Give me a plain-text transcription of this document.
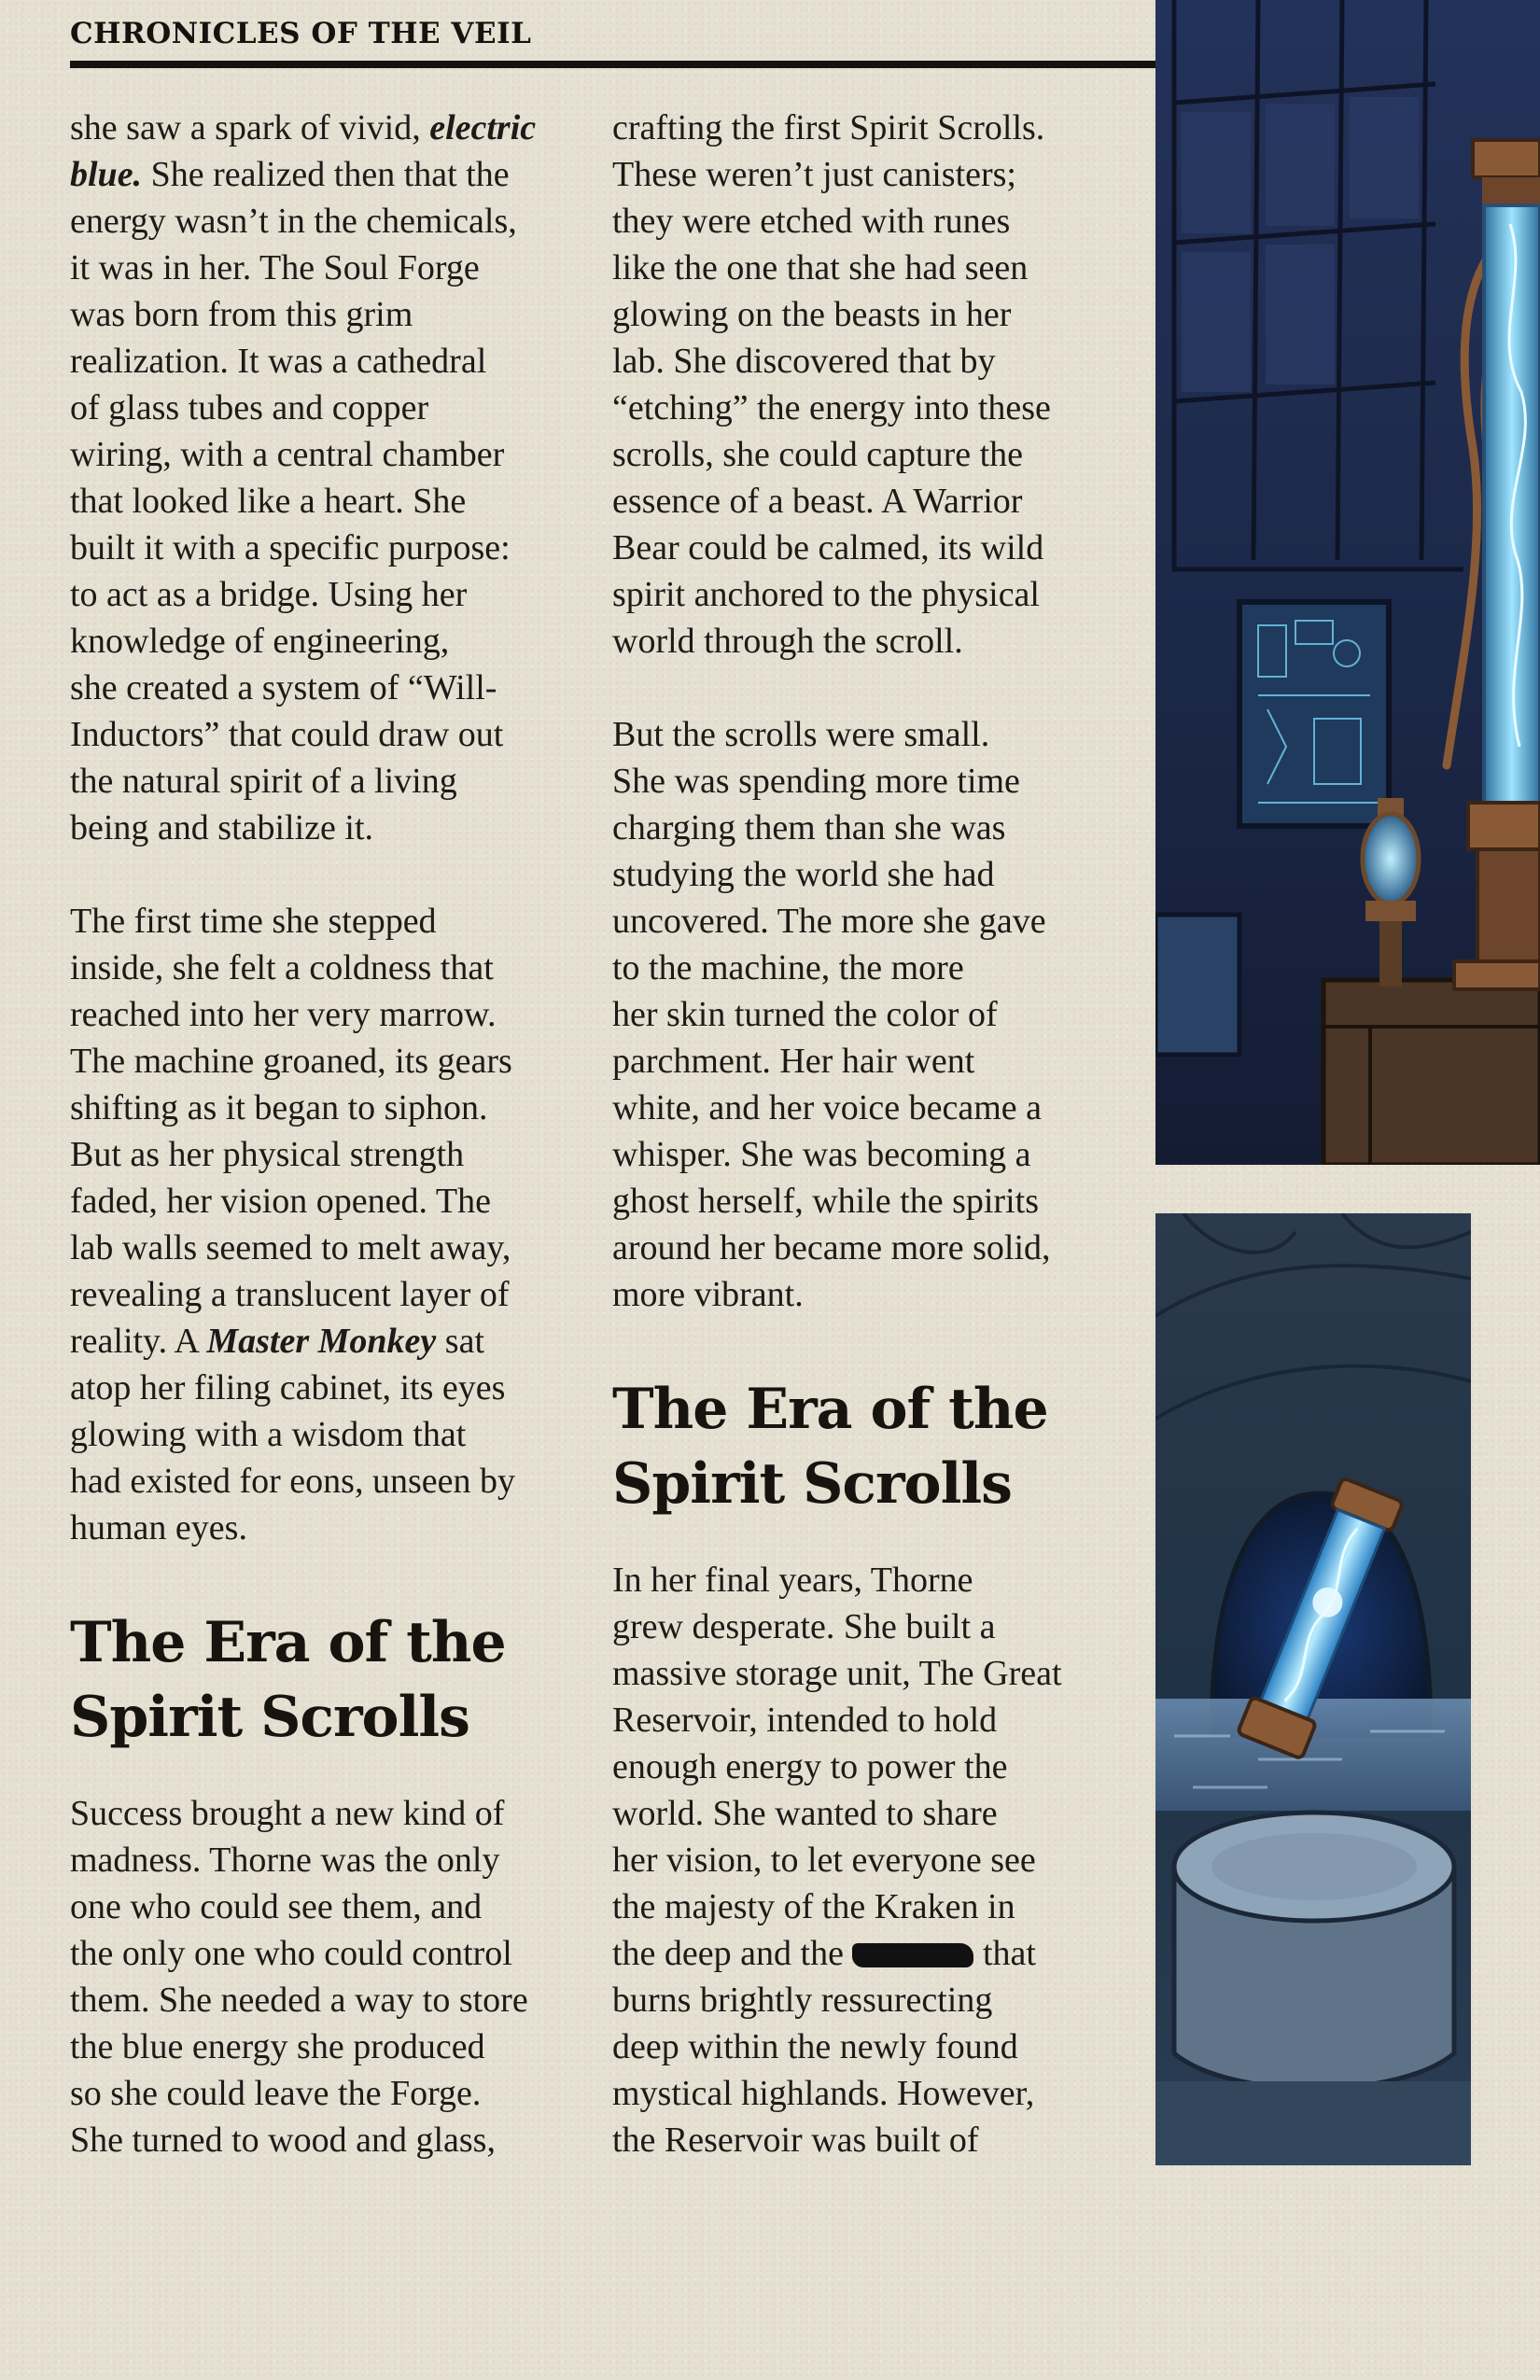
CHRONICLES OF THE VEIL

she saw a spark of vivid, electric
blue. She realized then that the
energy wasn’t in the chemicals,
it was in her. The Soul Forge
was born from this grim
realization. It was a cathedral
of glass tubes and copper
wiring, with a central chamber
that looked like a heart. She
built it with a specific purpose:
to act as a bridge. Using her
knowledge of engineering,
she created a system of “Will-
Inductors” that could draw out
the natural spirit of a living
being and stabilize it.

The first time she stepped
inside, she felt a coldness that
reached into her very marrow.
The machine groaned, its gears
shifting as it began to siphon.
But as her physical strength
faded, her vision opened. The
lab walls seemed to melt away,
revealing a translucent layer of
reality. A Master Monkey sat
atop her filing cabinet, its eyes
glowing with a wisdom that
had existed for eons, unseen by
human eyes.

The Era of the
Spirit Scrolls

Success brought a new kind of
madness. Thorne was the only
one who could see them, and
the only one who could control
them. She needed a way to store
the blue energy she produced
so she could leave the Forge.
She turned to wood and glass,

crafting the first Spirit Scrolls.
These weren’t just canisters;
they were etched with runes
like the one that she had seen
glowing on the beasts in her
lab. She discovered that by
“etching” the energy into these
scrolls, she could capture the
essence of a beast. A Warrior
Bear could be calmed, its wild
spirit anchored to the physical
world through the scroll.

But the scrolls were small.
She was spending more time
charging them than she was
studying the world she had
uncovered. The more she gave
to the machine, the more
her skin turned the color of
parchment. Her hair went
white, and her voice became a
whisper. She was becoming a
ghost herself, while the spirits
around her became more solid,
more vibrant.

The Era of the
Spirit Scrolls

In her final years, Thorne
grew desperate. She built a
massive storage unit, The Great
Reservoir, intended to hold
enough energy to power the
world. She wanted to share
her vision, to let everyone see
the majesty of the Kraken in
the deep and the	that
burns brightly ressurecting
deep within the newly found
mystical highlands. However,
the Reservoir was built of
